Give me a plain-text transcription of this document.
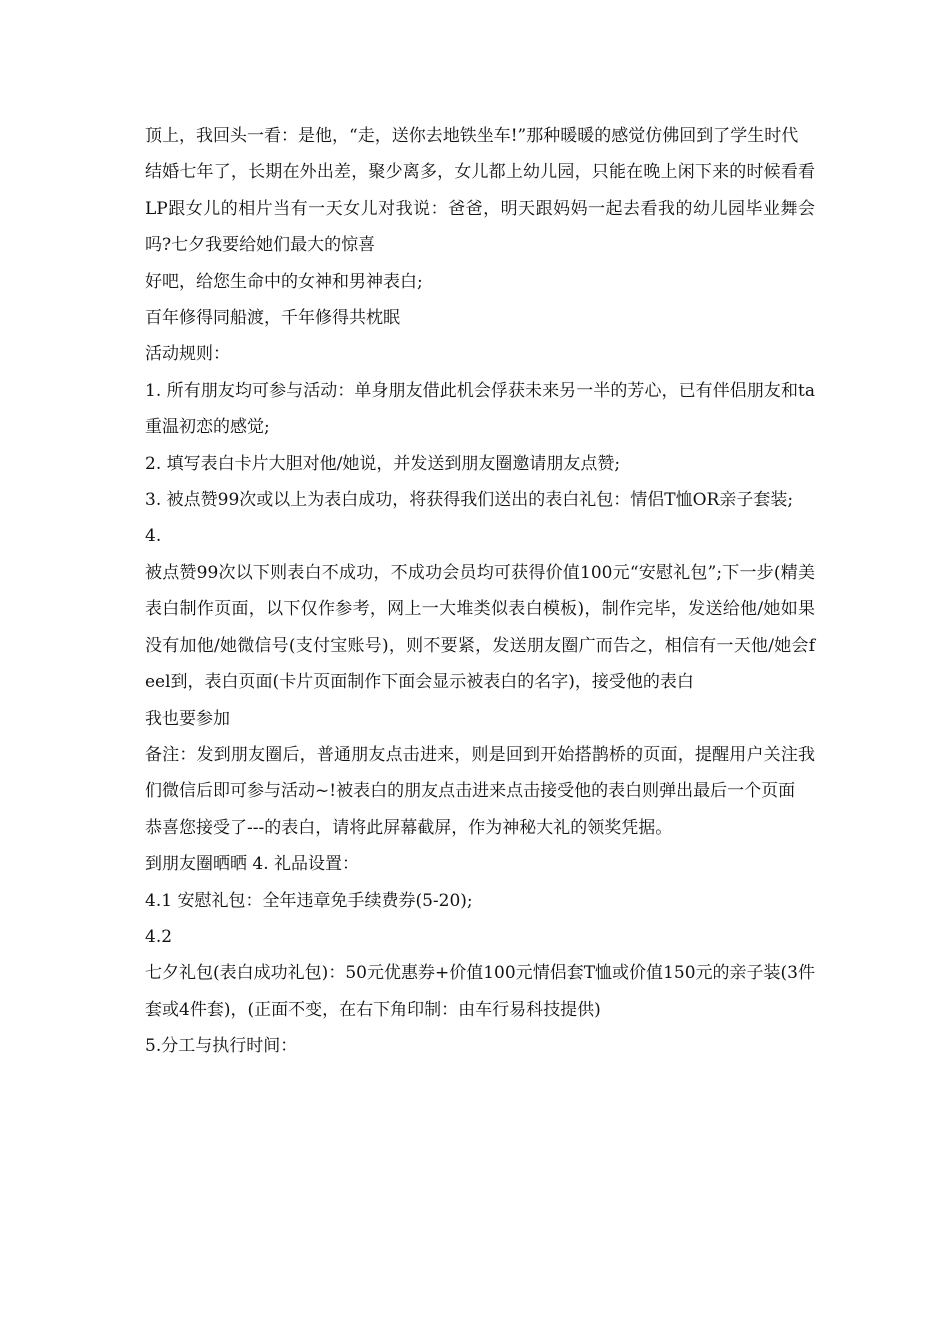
顶上，我回头一看：是他，“走，送你去地铁坐车!”那种暖暖的感觉仿佛回到了学生时代

结婚七年了，长期在外出差，聚少离多，女儿都上幼儿园，只能在晚上闲下来的时候看看LP跟女儿的相片当有一天女儿对我说：爸爸，明天跟妈妈一起去看我的幼儿园毕业舞会吗?七夕我要给她们最大的惊喜

好吧，给您生命中的女神和男神表白;

百年修得同船渡，千年修得共枕眠

活动规则：

1. 所有朋友均可参与活动：单身朋友借此机会俘获未来另一半的芳心，已有伴侣朋友和ta重温初恋的感觉;

2. 填写表白卡片大胆对他/她说，并发送到朋友圈邀请朋友点赞;

3. 被点赞99次或以上为表白成功，将获得我们送出的表白礼包：情侣T恤OR亲子套装;

4.

被点赞99次以下则表白不成功，不成功会员均可获得价值100元“安慰礼包”;下一步(精美表白制作页面，以下仅作参考，网上一大堆类似表白模板)，制作完毕，发送给他/她如果没有加他/她微信号(支付宝账号)，则不要紧，发送朋友圈广而告之，相信有一天他/她会feel到，表白页面(卡片页面制作下面会显示被表白的名字)，接受他的表白

我也要参加

备注：发到朋友圈后，普通朋友点击进来，则是回到开始搭鹊桥的页面，提醒用户关注我们微信后即可参与活动~!被表白的朋友点击进来点击接受他的表白则弹出最后一个页面

恭喜您接受了---的表白，请将此屏幕截屏，作为神秘大礼的领奖凭据。

到朋友圈晒晒 4. 礼品设置：

4.1 安慰礼包：全年违章免手续费券(5-20);

4.2

七夕礼包(表白成功礼包)：50元优惠券+价值100元情侣套T恤或价值150元的亲子装(3件套或4件套)，(正面不变，在右下角印制：由车行易科技提供)

5.分工与执行时间：
